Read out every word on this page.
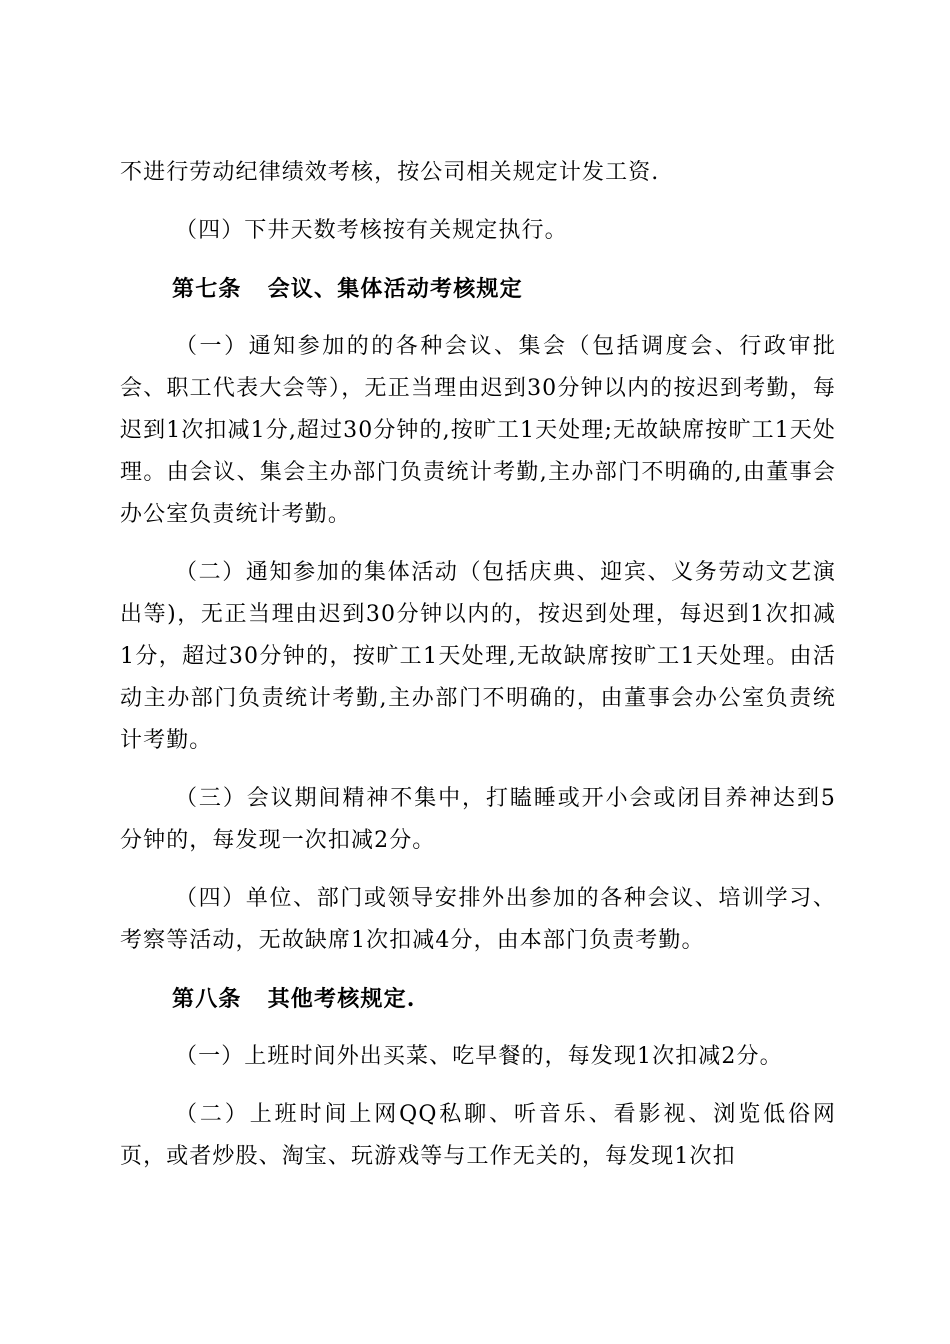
不进行劳动纪律绩效考核，按公司相关规定计发工资.

（四）下井天数考核按有关规定执行。

第七条 会议、集体活动考核规定

（一）通知参加的的各种会议、集会（包括调度会、行政审批会、职工代表大会等），无正当理由迟到30分钟以内的按迟到考勤，每迟到1次扣减1分,超过30分钟的,按旷工1天处理;无故缺席按旷工1天处理。由会议、集会主办部门负责统计考勤,主办部门不明确的,由董事会办公室负责统计考勤。

（二）通知参加的集体活动（包括庆典、迎宾、义务劳动文艺演出等)，无正当理由迟到30分钟以内的，按迟到处理，每迟到1次扣减1分，超过30分钟的，按旷工1天处理,无故缺席按旷工1天处理。由活动主办部门负责统计考勤,主办部门不明确的，由董事会办公室负责统计考勤。

（三）会议期间精神不集中，打瞌睡或开小会或闭目养神达到5分钟的，每发现一次扣减2分。

（四）单位、部门或领导安排外出参加的各种会议、培训学习、考察等活动，无故缺席1次扣减4分，由本部门负责考勤。

第八条 其他考核规定.

（一）上班时间外出买菜、吃早餐的，每发现1次扣减2分。

（二）上班时间上网QQ私聊、听音乐、看影视、浏览低俗网页，或者炒股、淘宝、玩游戏等与工作无关的，每发现1次扣
